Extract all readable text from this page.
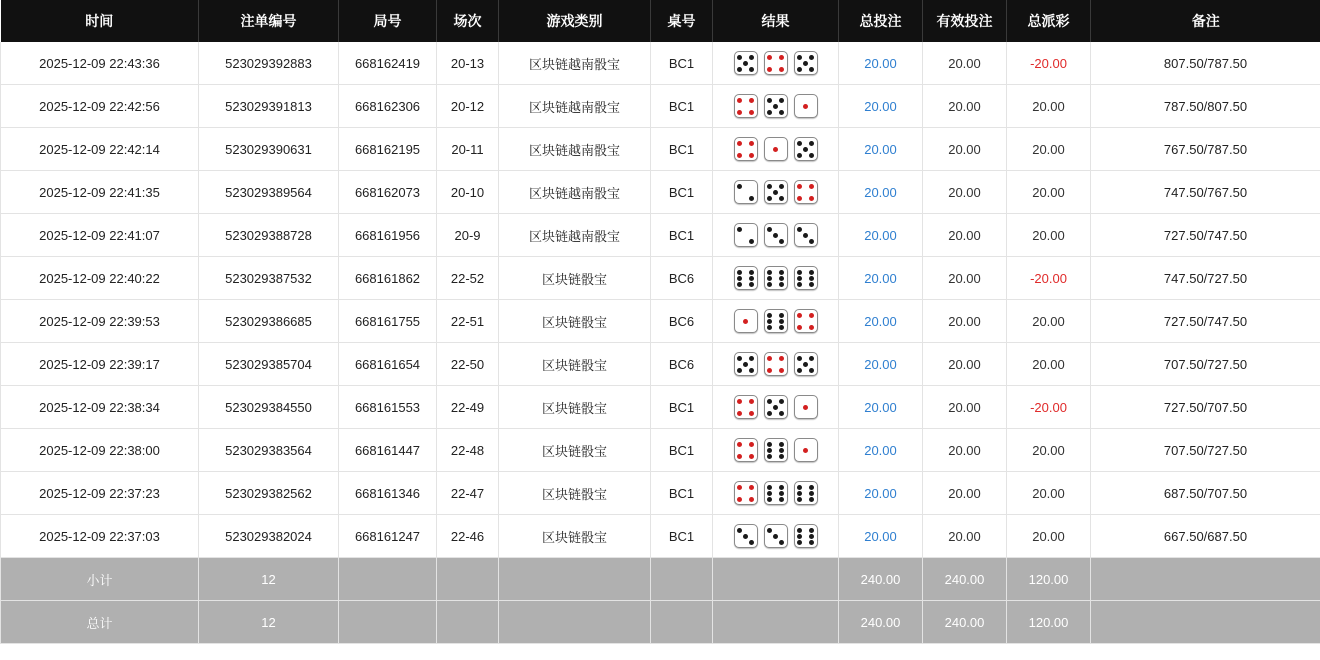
时间	注单编号	局号	场次	游戏类别	桌号	结果	总投注	有效投注	总派彩	备注
2025-12-09 22:43:36	523029392883	668162419	20-13	区块链越南骰宝	BC1		20.00	20.00	-20.00	807.50/787.50
2025-12-09 22:42:56	523029391813	668162306	20-12	区块链越南骰宝	BC1		20.00	20.00	20.00	787.50/807.50
2025-12-09 22:42:14	523029390631	668162195	20-11	区块链越南骰宝	BC1		20.00	20.00	20.00	767.50/787.50
2025-12-09 22:41:35	523029389564	668162073	20-10	区块链越南骰宝	BC1		20.00	20.00	20.00	747.50/767.50
2025-12-09 22:41:07	523029388728	668161956	20-9	区块链越南骰宝	BC1		20.00	20.00	20.00	727.50/747.50
2025-12-09 22:40:22	523029387532	668161862	22-52	区块链骰宝	BC6		20.00	20.00	-20.00	747.50/727.50
2025-12-09 22:39:53	523029386685	668161755	22-51	区块链骰宝	BC6		20.00	20.00	20.00	727.50/747.50
2025-12-09 22:39:17	523029385704	668161654	22-50	区块链骰宝	BC6		20.00	20.00	20.00	707.50/727.50
2025-12-09 22:38:34	523029384550	668161553	22-49	区块链骰宝	BC1		20.00	20.00	-20.00	727.50/707.50
2025-12-09 22:38:00	523029383564	668161447	22-48	区块链骰宝	BC1		20.00	20.00	20.00	707.50/727.50
2025-12-09 22:37:23	523029382562	668161346	22-47	区块链骰宝	BC1		20.00	20.00	20.00	687.50/707.50
2025-12-09 22:37:03	523029382024	668161247	22-46	区块链骰宝	BC1		20.00	20.00	20.00	667.50/687.50
小计	12						240.00	240.00	120.00	
总计	12						240.00	240.00	120.00	
